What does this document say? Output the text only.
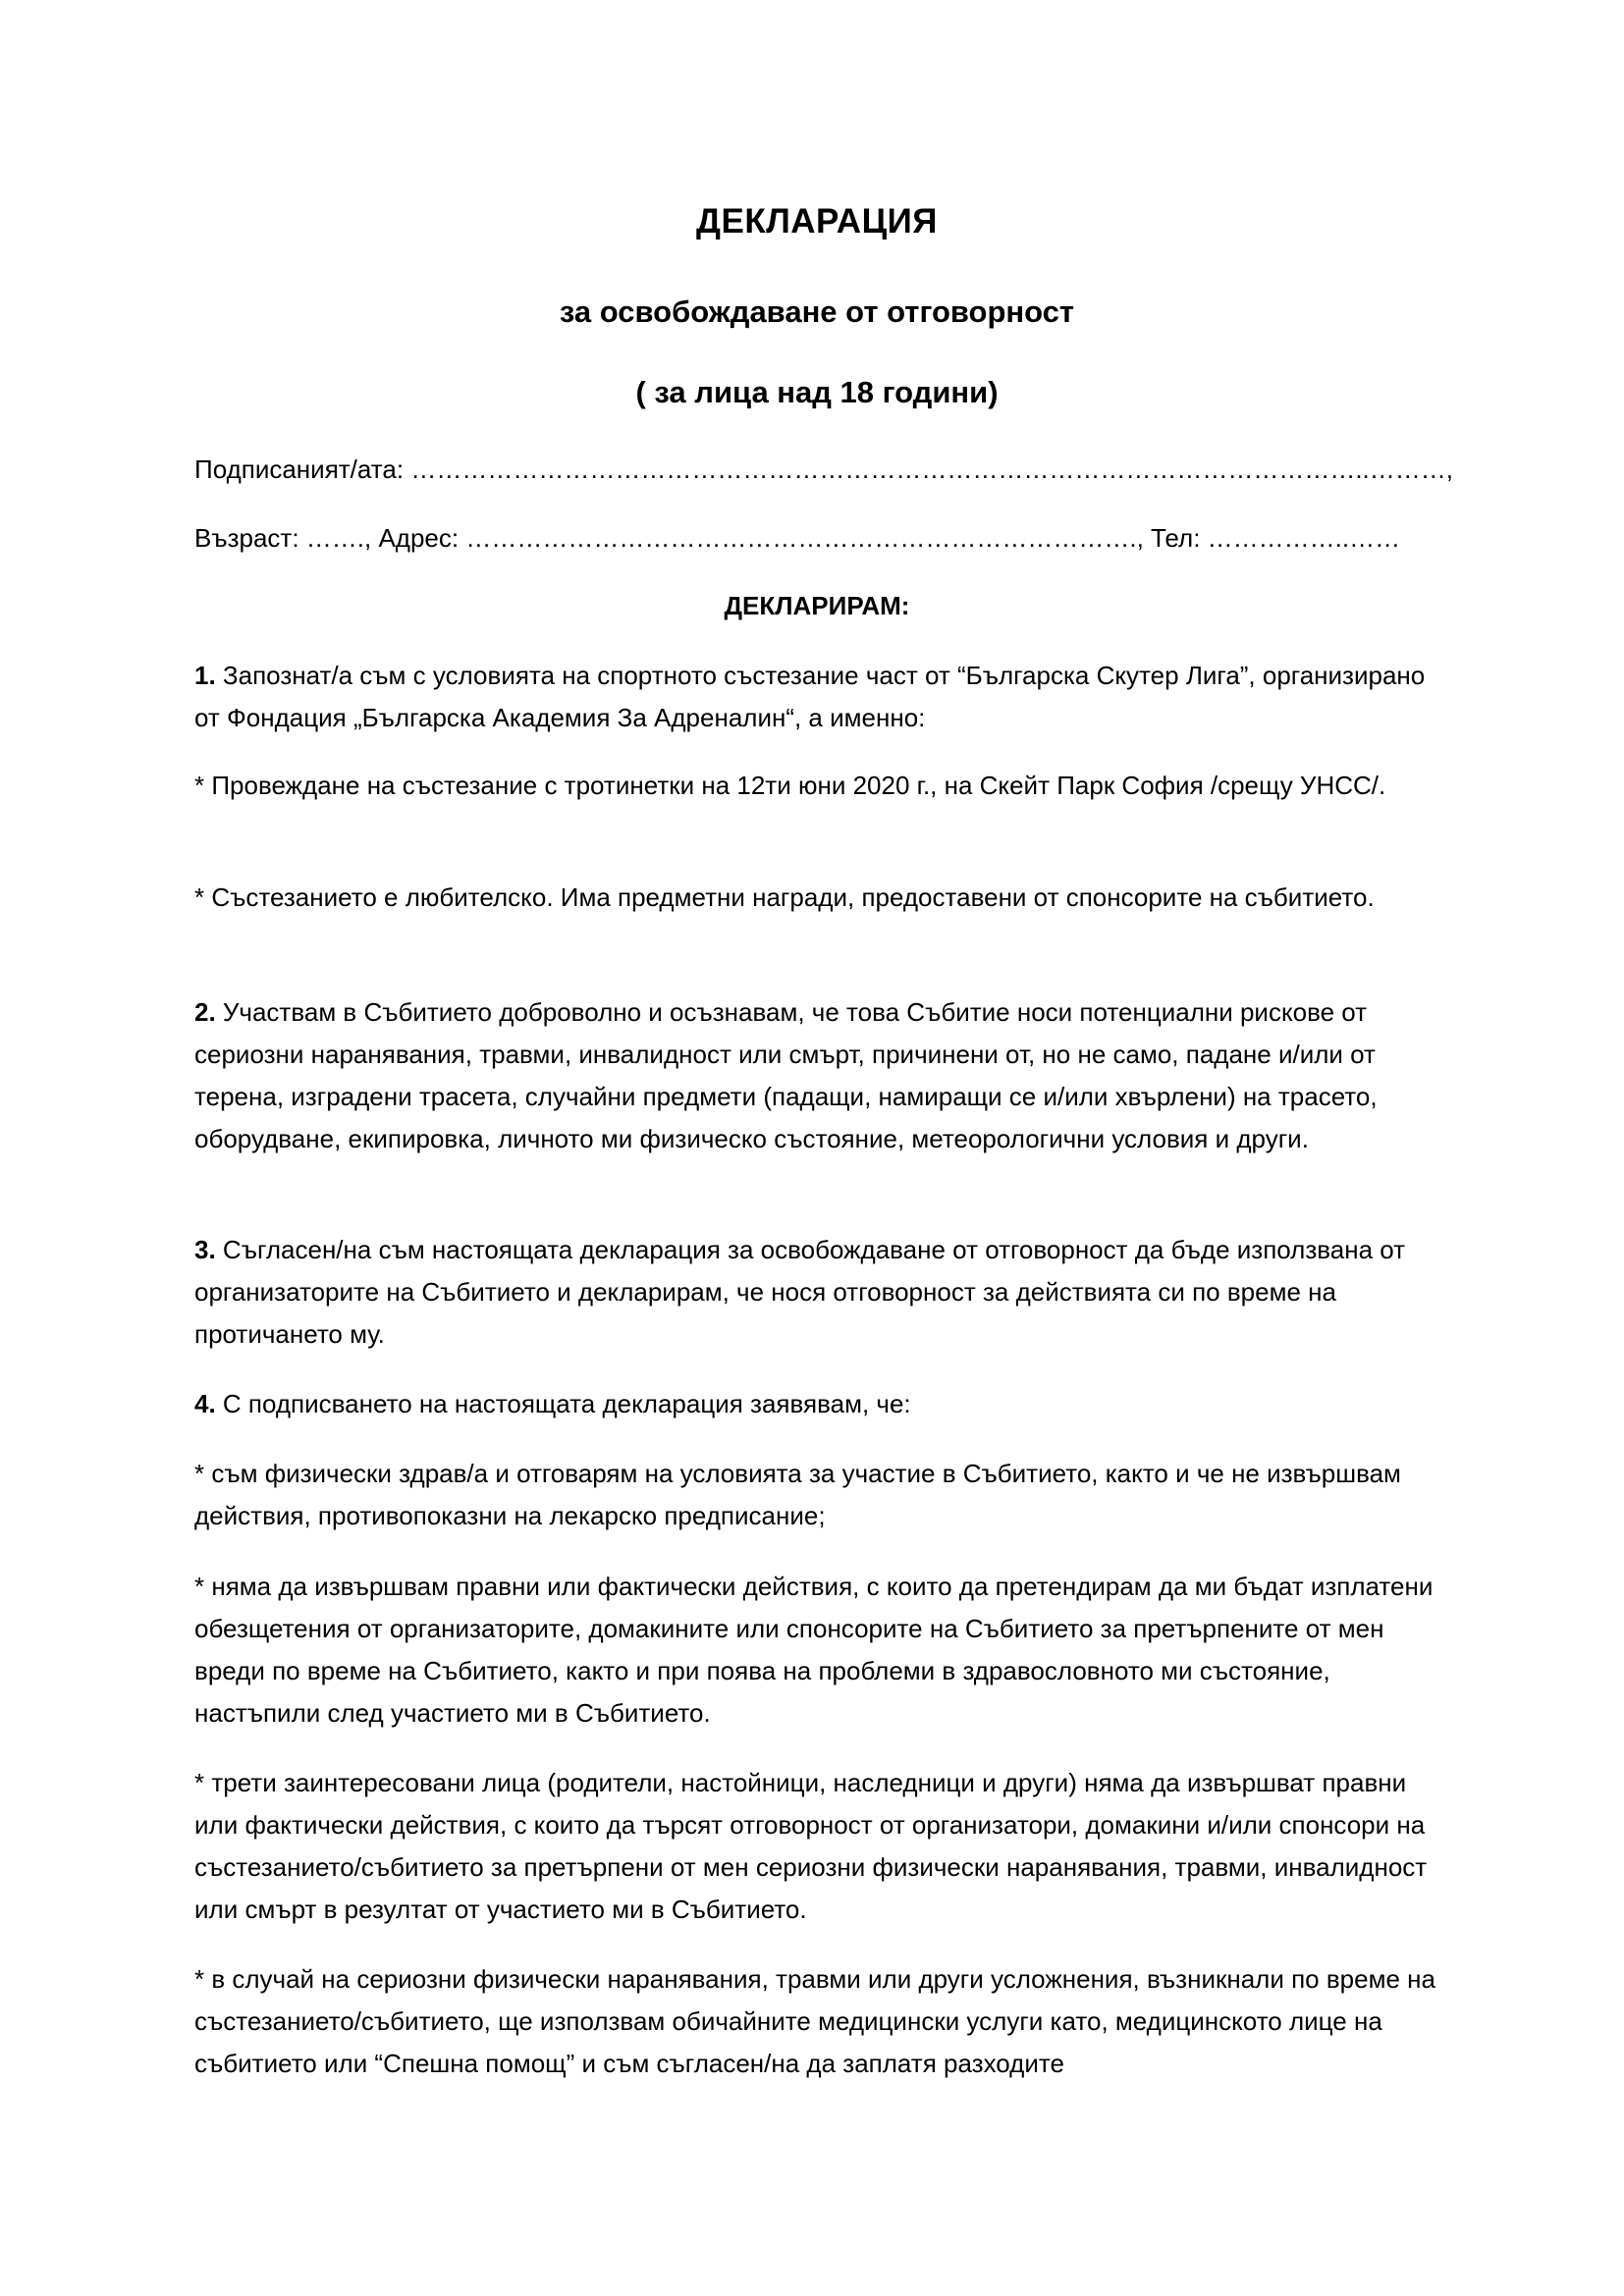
ДЕКЛАРАЦИЯ
за освобождаване от отговорност
( за лица над 18 години)
Подписаният/ата: …………………………………………………………………………………………………..………,
Възраст: ……., Адрес: ……………………………………………………………………., Тел: ……………..……
ДЕКЛАРИРАМ:
1. Запознат/а съм с условията на спортното състезание част от “Българска Скутер Лига”, организирано от Фондация „Българска Академия За Адреналин“, а именно:
* Провеждане на състезание с тротинетки на 12ти юни 2020 г., на Скейт Парк София /срещу УНСС/.
* Състезанието е любителско. Има предметни награди, предоставени от спонсорите на събитието.
2. Участвам в Събитието доброволно и осъзнавам, че това Събитие носи потенциални рискове от сериозни наранявания, травми, инвалидност или смърт, причинени от, но не само, падане и/или от терена, изградени трасета, случайни предмети (падащи, намиращи се и/или хвърлени) на трасето, оборудване, екипировка, личното ми физическо състояние, метеорологични условия и други.
3. Съгласен/на съм настоящата декларация за освобождаване от отговорност да бъде използвана от организаторите на Събитието и декларирам, че нося отговорност за действията си по време на протичането му.
4. С подписването на настоящата декларация заявявам, че:
* съм физически здрав/а и отговарям на условията за участие в Събитието, както и че не извършвам действия, противопоказни на лекарско предписание;
* няма да извършвам правни или фактически действия, с които да претендирам да ми бъдат изплатени обезщетения от организаторите, домакините или спонсорите на Събитието за претърпените от мен вреди по време на Събитието, както и при поява на проблеми в здравословното ми състояние, настъпили след участието ми в Събитието.
* трети заинтересовани лица (родители, настойници, наследници и други) няма да извършват правни или фактически действия, с които да търсят отговорност от организатори, домакини и/или спонсори на състезанието/събитието за претърпени от мен сериозни физически наранявания, травми, инвалидност или смърт в резултат от участието ми в Събитието.
* в случай на сериозни физически наранявания, травми или други усложнения, възникнали по време на състезанието/събитието, ще използвам обичайните медицински услуги като, медицинското лице на събитието или “Спешна помощ” и съм съгласен/на да заплатя разходите
